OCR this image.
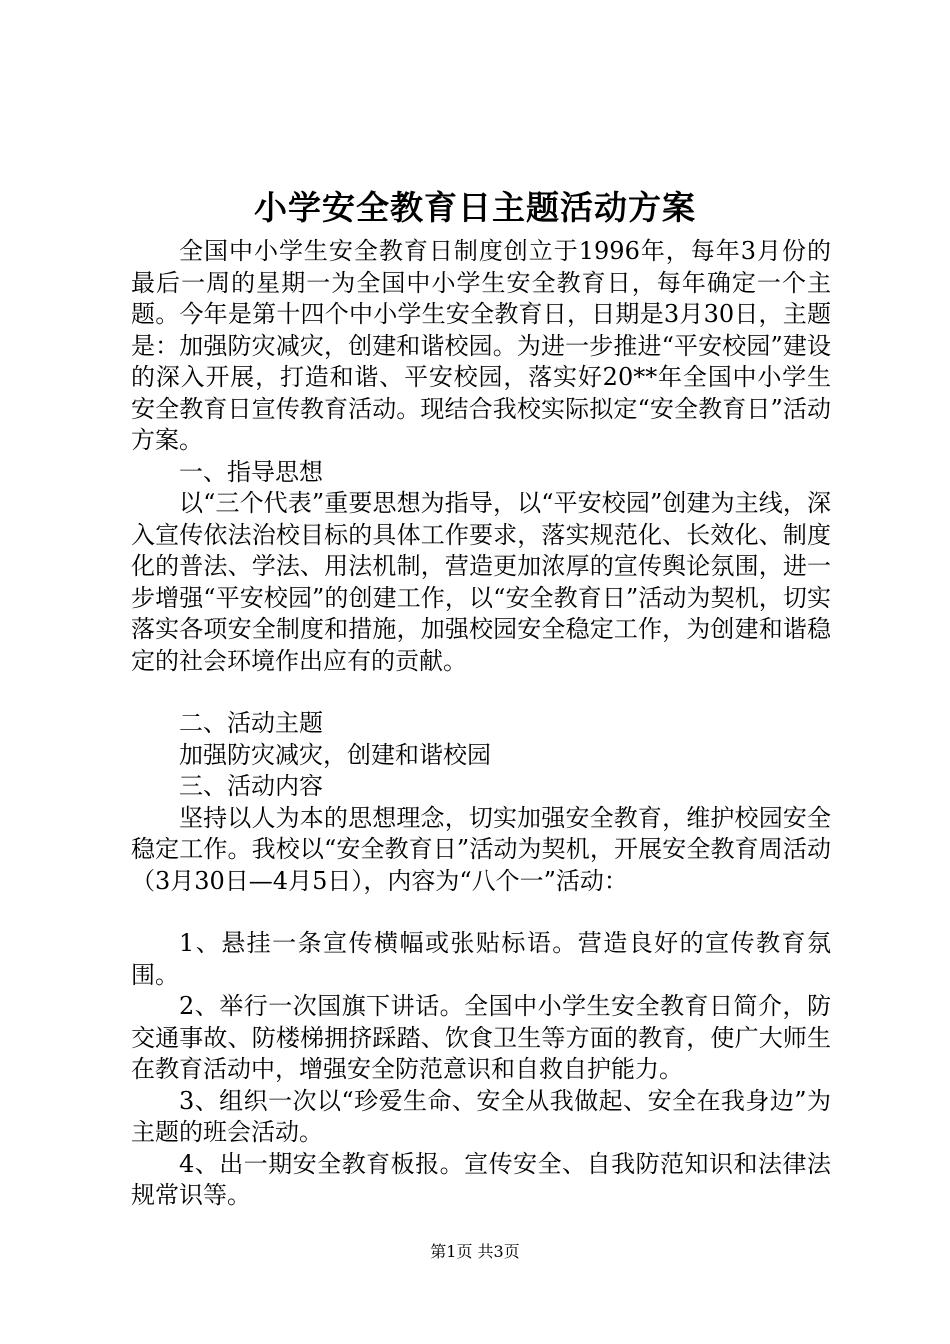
小学安全教育日主题活动方案

全国中小学生安全教育日制度创立于1996年，每年3月份的最后一周的星期一为全国中小学生安全教育日，每年确定一个主题。今年是第十四个中小学生安全教育日，日期是3月30日，主题是：加强防灾减灾，创建和谐校园。为进一步推进“平安校园”建设的深入开展，打造和谐、平安校园，落实好20**年全国中小学生安全教育日宣传教育活动。现结合我校实际拟定“安全教育日”活动方案。

一、指导思想

以“三个代表”重要思想为指导，以“平安校园”创建为主线，深入宣传依法治校目标的具体工作要求，落实规范化、长效化、制度化的普法、学法、用法机制，营造更加浓厚的宣传舆论氛围，进一步增强“平安校园”的创建工作，以“安全教育日”活动为契机，切实落实各项安全制度和措施，加强校园安全稳定工作，为创建和谐稳定的社会环境作出应有的贡献。

二、活动主题

加强防灾减灾，创建和谐校园

三、活动内容

坚持以人为本的思想理念，切实加强安全教育，维护校园安全稳定工作。我校以“安全教育日”活动为契机，开展安全教育周活动（3月30日—4月5日），内容为“八个一”活动：

1、悬挂一条宣传横幅或张贴标语。营造良好的宣传教育氛围。

2、举行一次国旗下讲话。全国中小学生安全教育日简介，防交通事故、防楼梯拥挤踩踏、饮食卫生等方面的教育，使广大师生在教育活动中，增强安全防范意识和自救自护能力。

3、组织一次以“珍爱生命、安全从我做起、安全在我身边”为主题的班会活动。

4、出一期安全教育板报。宣传安全、自我防范知识和法律法规常识等。

第1页 共3页
